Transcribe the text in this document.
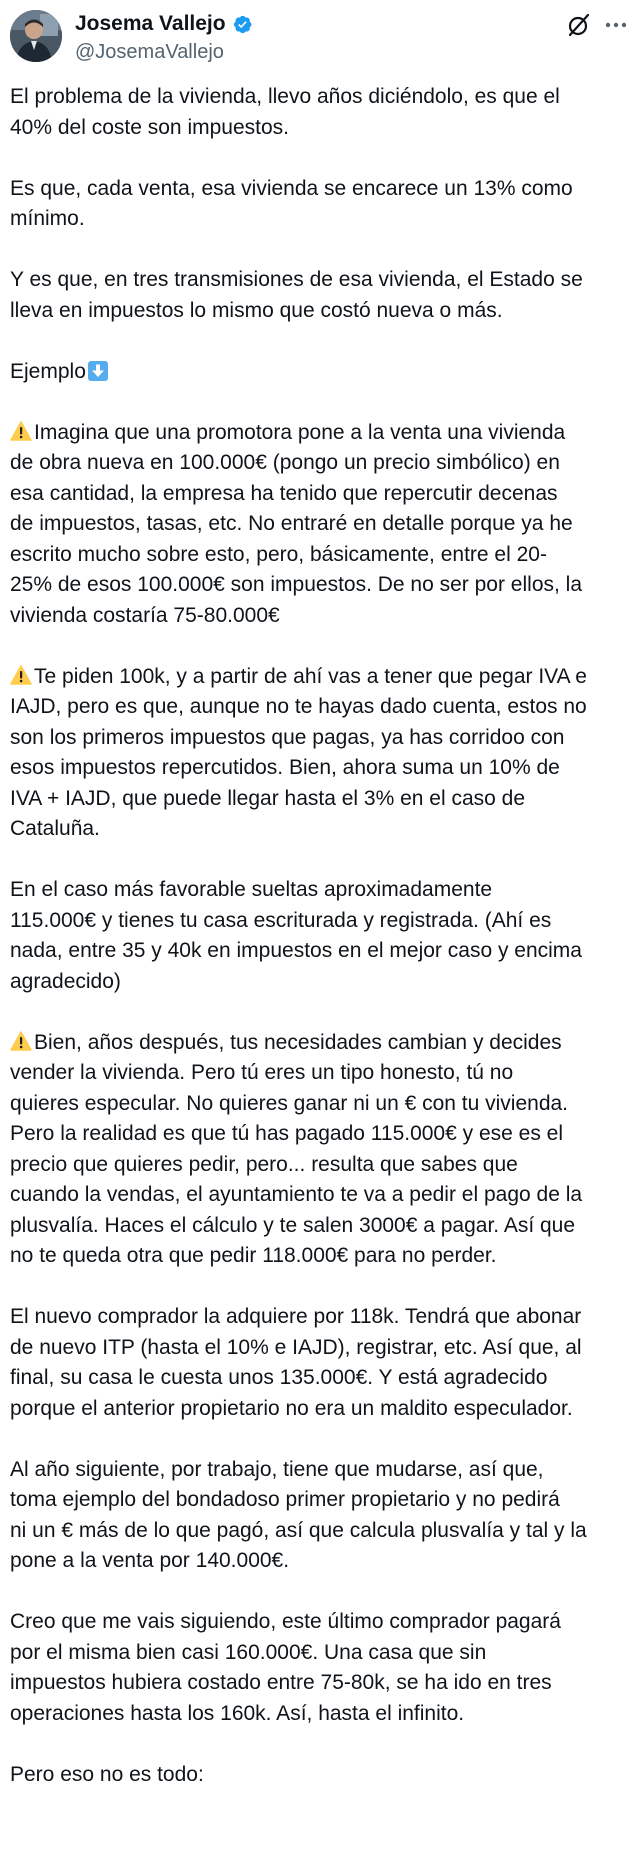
Josema Vallejo
@JosemaVallejo
El problema de la vivienda, llevo años diciéndolo, es que el
40% del coste son impuestos.
Es que, cada venta, esa vivienda se encarece un 13% como
mínimo.
Y es que, en tres transmisiones de esa vivienda, el Estado se
lleva en impuestos lo mismo que costó nueva o más.
Ejemplo
Imagina que una promotora pone a la venta una vivienda
de obra nueva en 100.000€ (pongo un precio simbólico) en
esa cantidad, la empresa ha tenido que repercutir decenas
de impuestos, tasas, etc. No entraré en detalle porque ya he
escrito mucho sobre esto, pero, básicamente, entre el 20-
25% de esos 100.000€ son impuestos. De no ser por ellos, la
vivienda costaría 75-80.000€
Te piden 100k, y a partir de ahí vas a tener que pegar IVA e
IAJD, pero es que, aunque no te hayas dado cuenta, estos no
son los primeros impuestos que pagas, ya has corridoo con
esos impuestos repercutidos. Bien, ahora suma un 10% de
IVA + IAJD, que puede llegar hasta el 3% en el caso de
Cataluña.
En el caso más favorable sueltas aproximadamente
115.000€ y tienes tu casa escriturada y registrada. (Ahí es
nada, entre 35 y 40k en impuestos en el mejor caso y encima
agradecido)
Bien, años después, tus necesidades cambian y decides
vender la vivienda. Pero tú eres un tipo honesto, tú no
quieres especular. No quieres ganar ni un € con tu vivienda.
Pero la realidad es que tú has pagado 115.000€ y ese es el
precio que quieres pedir, pero... resulta que sabes que
cuando la vendas, el ayuntamiento te va a pedir el pago de la
plusvalía. Haces el cálculo y te salen 3000€ a pagar. Así que
no te queda otra que pedir 118.000€ para no perder.
El nuevo comprador la adquiere por 118k. Tendrá que abonar
de nuevo ITP (hasta el 10% e IAJD), registrar, etc. Así que, al
final, su casa le cuesta unos 135.000€. Y está agradecido
porque el anterior propietario no era un maldito especulador.
Al año siguiente, por trabajo, tiene que mudarse, así que,
toma ejemplo del bondadoso primer propietario y no pedirá
ni un € más de lo que pagó, así que calcula plusvalía y tal y la
pone a la venta por 140.000€.
Creo que me vais siguiendo, este último comprador pagará
por el misma bien casi 160.000€. Una casa que sin
impuestos hubiera costado entre 75-80k, se ha ido en tres
operaciones hasta los 160k. Así, hasta el infinito.
Pero eso no es todo:
